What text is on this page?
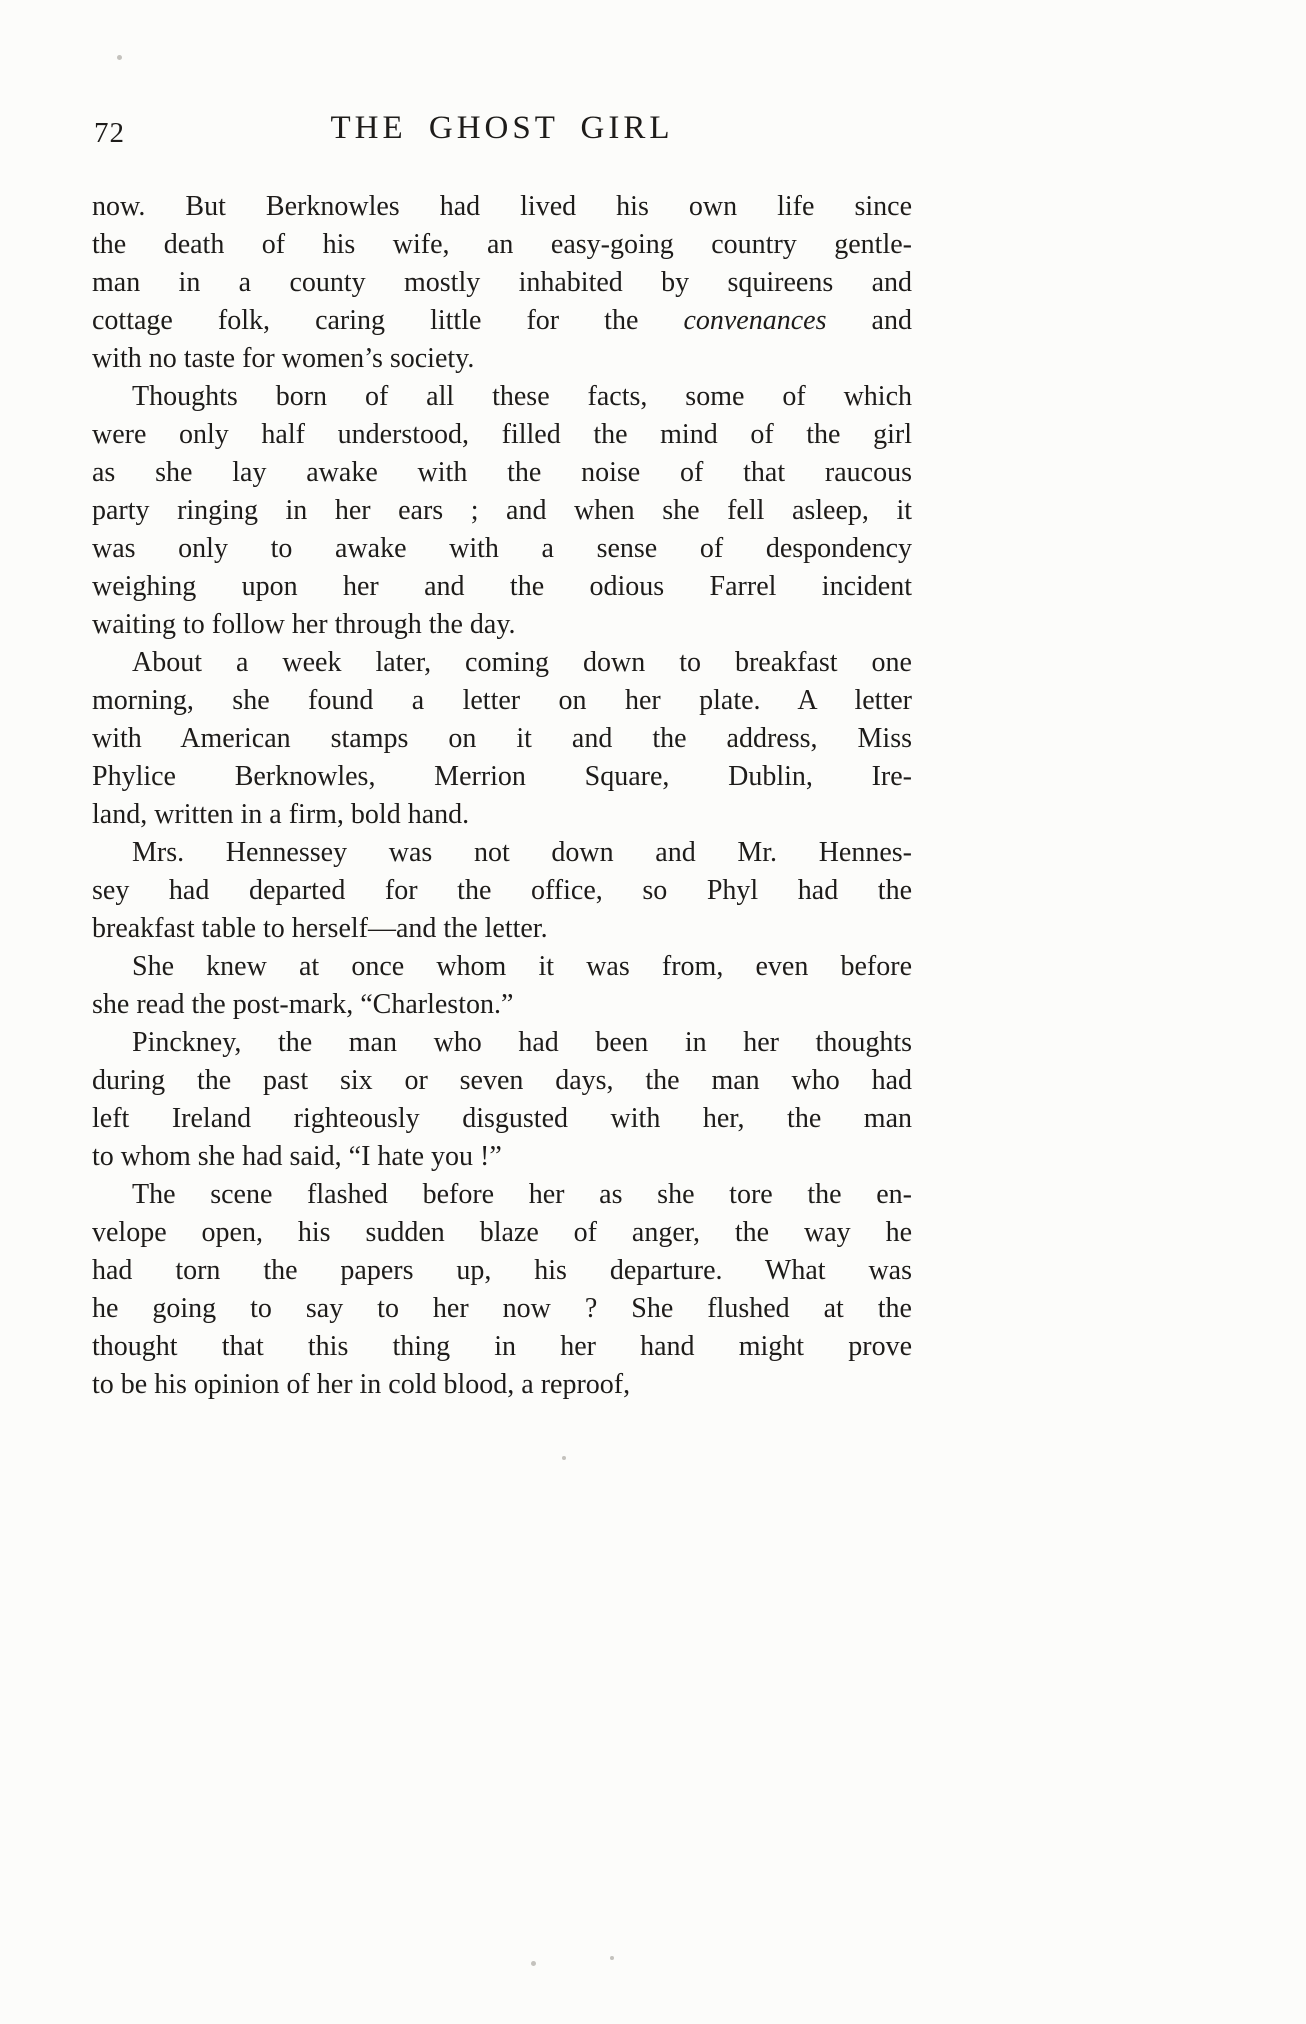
72	THE GHOST GIRL

now. But Berknowles had lived his own life since
the death of his wife, an easy-going country gentle-
man in a county mostly inhabited by squireens and
cottage folk, caring little for the convenances and
with no taste for women’s society.

Thoughts born of all these facts, some of which
were only half understood, filled the mind of the girl
as she lay awake with the noise of that raucous
party ringing in her ears ; and when she fell asleep, it
was only to awake with a sense of despondency
weighing upon her and the odious Farrel incident
waiting to follow her through the day.

About a week later, coming down to breakfast one
morning, she found a letter on her plate. A letter
with American stamps on it and the address, Miss
Phylice Berknowles, Merrion Square, Dublin, Ire-
land, written in a firm, bold hand.

Mrs. Hennessey was not down and Mr. Hennes-
sey had departed for the office, so Phyl had the
breakfast table to herself—and the letter.

She knew at once whom it was from, even before
she read the post-mark, “Charleston.”

Pinckney, the man who had been in her thoughts
during the past six or seven days, the man who had
left Ireland righteously disgusted with her, the man
to whom she had said, “I hate you !”

The scene flashed before her as she tore the en-
velope open, his sudden blaze of anger, the way he
had torn the papers up, his departure. What was
he going to say to her now ? She flushed at the
thought that this thing in her hand might prove
to be his opinion of her in cold blood, a reproof,
